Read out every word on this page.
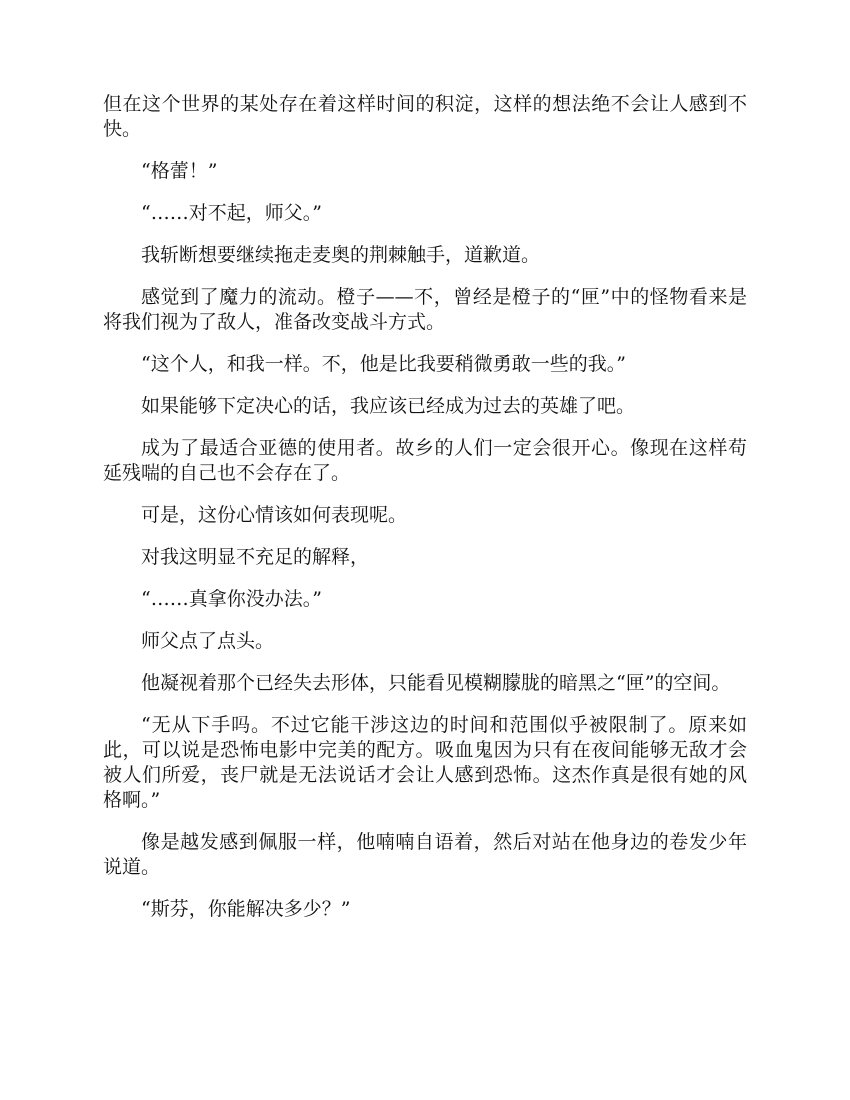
但在这个世界的某处存在着这样时间的积淀，这样的想法绝不会让人感到不快。

“格蕾！”

“……对不起，师父。”

我斩断想要继续拖走麦奥的荆棘触手，道歉道。

感觉到了魔力的流动。橙子——不，曾经是橙子的“匣”中的怪物看来是将我们视为了敌人，准备改变战斗方式。

“这个人，和我一样。不，他是比我要稍微勇敢一些的我。”

如果能够下定决心的话，我应该已经成为过去的英雄了吧。

成为了最适合亚德的使用者。故乡的人们一定会很开心。像现在这样苟延残喘的自己也不会存在了。

可是，这份心情该如何表现呢。

对我这明显不充足的解释，

“……真拿你没办法。”

师父点了点头。

他凝视着那个已经失去形体，只能看见模糊朦胧的暗黑之“匣”的空间。

“无从下手吗。不过它能干涉这边的时间和范围似乎被限制了。原来如此，可以说是恐怖电影中完美的配方。吸血鬼因为只有在夜间能够无敌才会被人们所爱，丧尸就是无法说话才会让人感到恐怖。这杰作真是很有她的风格啊。”

像是越发感到佩服一样，他喃喃自语着，然后对站在他身边的卷发少年说道。

“斯芬，你能解决多少？”
